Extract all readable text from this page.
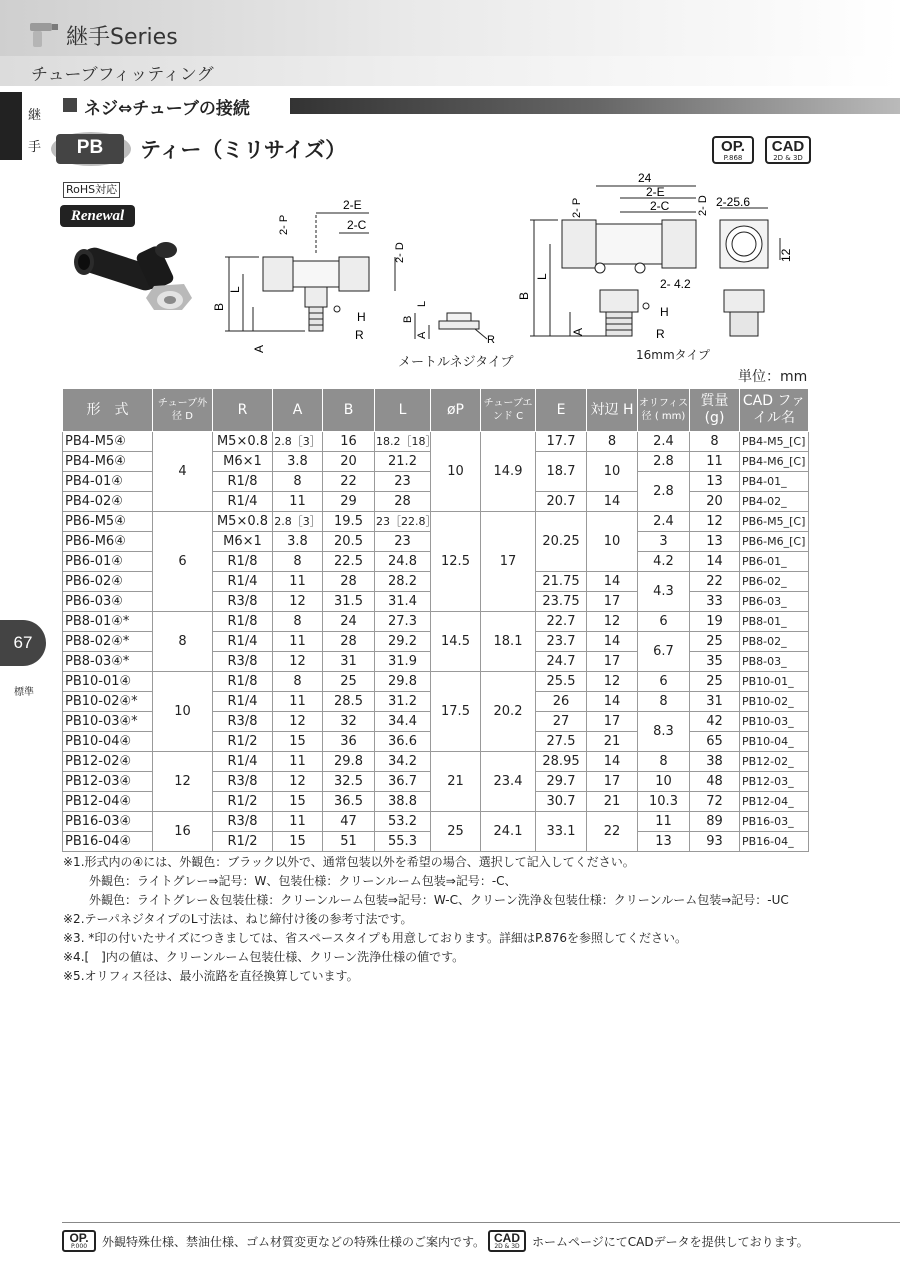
継手Series
チューブフィッティング
継
手
ネジ⇔チューブの接続
PB	ティー（ミリサイズ）	OP.
P.868
CAD
2D & 3D
RoHS対応
Renewal
2-E
2-C
2- P
2- D
B
L
A
H
R
B
L
A	R
メートルネジタイプ
24
2-E
2-C
2- P	2- D 2-25.6
12
2- 4.2
B
L
A
H
R
16mmタイプ
単位：mm
形　式	チューブ外径 D	R	A	B	L	øP	チューブエンド C	E	対辺 H	オリフィス径 ( mm)	質量 (g)	CAD ファイル名
PB4-M5④	4	M5×0.8	2.8［3］	16	18.2［18］	10	14.9	17.7	8	2.4	8	PB4-M5_[C]
PB4-M6④		M6×1	3.8	20	21.2			18.7	10	2.8	11	PB4-M6_[C]
PB4-01④		R1/8	8	22	23					2.8	13	PB4-01_
PB4-02④		R1/4	11	29	28			20.7	14		20	PB4-02_
PB6-M5④	6	M5×0.8	2.8［3］	19.5	23［22.8］	12.5	17	20.25	10	2.4	12	PB6-M5_[C]
PB6-M6④		M6×1	3.8	20.5	23					3	13	PB6-M6_[C]
PB6-01④		R1/8	8	22.5	24.8					4.2	14	PB6-01_
PB6-02④		R1/4	11	28	28.2			21.75	14	4.3	22	PB6-02_
PB6-03④		R3/8	12	31.5	31.4			23.75	17		33	PB6-03_
PB8-01④*	8	R1/8	8	24	27.3	14.5	18.1	22.7	12	6	19	PB8-01_
PB8-02④*		R1/4	11	28	29.2			23.7	14	6.7	25	PB8-02_
PB8-03④*		R3/8	12	31	31.9			24.7	17		35	PB8-03_
PB10-01④	10	R1/8	8	25	29.8	17.5	20.2	25.5	12	6	25	PB10-01_
PB10-02④*		R1/4	11	28.5	31.2			26	14	8	31	PB10-02_
PB10-03④*		R3/8	12	32	34.4			27	17	8.3	42	PB10-03_
PB10-04④		R1/2	15	36	36.6			27.5	21		65	PB10-04_
PB12-02④	12	R1/4	11	29.8	34.2	21	23.4	28.95	14	8	38	PB12-02_
PB12-03④		R3/8	12	32.5	36.7			29.7	17	10	48	PB12-03_
PB12-04④		R1/2	15	36.5	38.8			30.7	21	10.3	72	PB12-04_
PB16-03④	16	R3/8	11	47	53.2	25	24.1	33.1	22	11	89	PB16-03_
PB16-04④		R1/2	15	51	55.3					13	93	PB16-04_
67
標準
※1.形式内の④には、外観色：ブラック以外で、通常包装以外を希望の場合、選択して記入してください。
　外観色：ライトグレー⇒記号：W、包装仕様：クリーンルーム包装⇒記号：-C、
　外観色：ライトグレー＆包装仕様：クリーンルーム包装⇒記号：W-C、クリーン洗浄＆包装仕様：クリーンルーム包装⇒記号：-UC
※2.テーパネジタイプのL寸法は、ねじ締付け後の参考寸法です。
※3. *印の付いたサイズにつきましては、省スペースタイプも用意しております。詳細はP.876を参照してください。
※4.[　]内の値は、クリーンルーム包装仕様、クリーン洗浄仕様の値です。
※5.オリフィス径は、最小流路を直径換算しています。
OP.
P.000	外観特殊仕様、禁油仕様、ゴム材質変更などの特殊仕様のご案内です。 CAD
2D & 3D	ホームページにてCADデータを提供しております。
